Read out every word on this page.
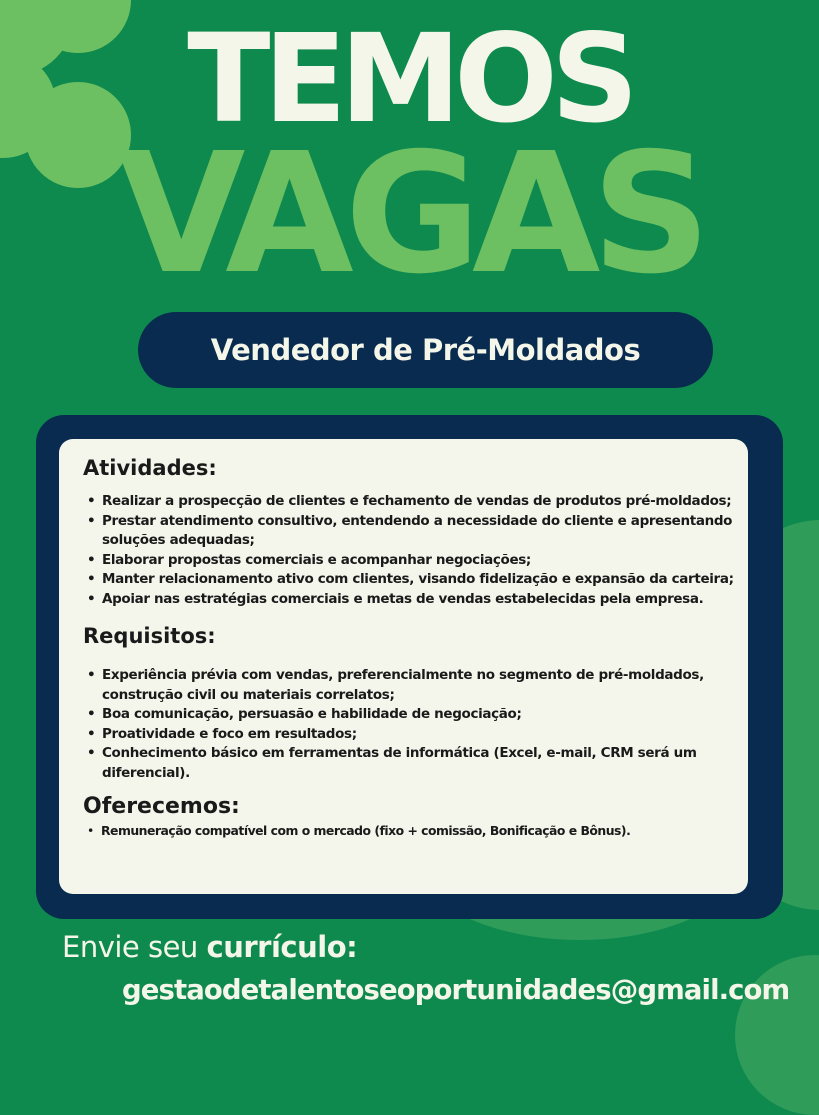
TEMOS
VAGAS
Vendedor de Pré-Moldados
Atividades:
• Realizar a prospecção de clientes e fechamento de vendas de produtos pré-moldados;
• Prestar atendimento consultivo, entendendo a necessidade do cliente e apresentando soluções adequadas;
• Elaborar propostas comerciais e acompanhar negociações;
• Manter relacionamento ativo com clientes, visando fidelização e expansão da carteira;
• Apoiar nas estratégias comerciais e metas de vendas estabelecidas pela empresa.
Requisitos:
• Experiência prévia com vendas, preferencialmente no segmento de pré-moldados, construção civil ou materiais correlatos;
• Boa comunicação, persuasão e habilidade de negociação;
• Proatividade e foco em resultados;
• Conhecimento básico em ferramentas de informática (Excel, e-mail, CRM será um diferencial).
Oferecemos:
• Remuneração compatível com o mercado (fixo + comissão, Bonificação e Bônus).
Envie seu currículo:
gestaodetalentoseoportunidades@gmail.com
